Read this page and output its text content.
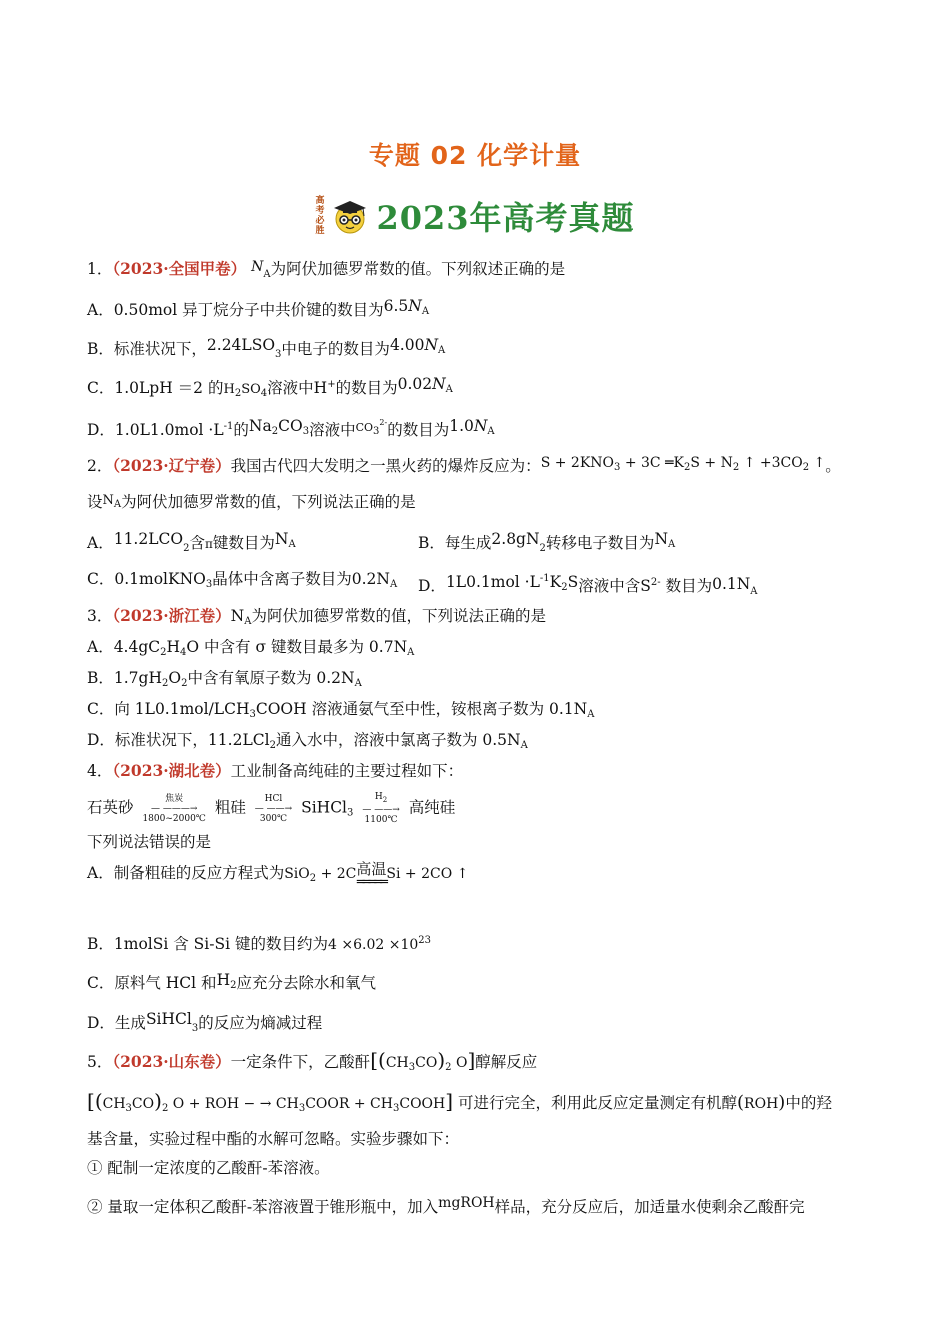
专题 02 化学计量
高
考
必
胜 2023年高考真题
1．（2023·全国甲卷） $N_A$为阿伏加德罗常数的值。下列叙述正确的是
A．0.50mol 异丁烷分子中共价键的数目为$6.5N_A$
B．标准状况下，$2.24LSO_3$中电子的数目为$4.00N_A$
C．1.0LpH ＝2 的$H_2SO_4$溶液中H+的数目为$0.02N_A$
D．$1.0L1.0mol \cdot L^{-1}$的$Na_2CO_3$溶液中$^{CO_3^{2-}}$的数目为$1.0N_A$
2．（2023·辽宁卷）我国古代四大发明之一黑火药的爆炸反应为：$S + 2KNO_3 + 3C$ $═K_2S + N_2$ ↑ $+3CO_2$ ↑。
设$N_A$为阿伏加德罗常数的值，下列说法正确的是
A．$11.2LCO_2$含π键数目为$N_A$	B．每生成$2.8gN_2$转移电子数目为$N_A$
C．0.1molKNO$_3$晶体中含离子数目为$0.2N_A$ D．$1L0.1mol \cdot L^{-1}K_2S$溶液中含$S^{2-}$ 数目为$0.1N_A$
3．（2023·浙江卷）$N_A$为阿伏加德罗常数的值，下列说法正确的是
A．$4.4gC_2H_4O$ 中含有 σ 键数目最多为 $0.7N_A$
B．$1.7gH_2O_2$中含有氧原子数为 $0.2N_A$
C．向 $1L0.1mol/LCH_3COOH$ 溶液通氨气至中性，铵根离子数为 $0.1N_A$
D．标准状况下，11.2LCl$_2$通入水中，溶液中氯离子数为 $0.5N_A$
4．（2023·湖北卷）工业制备高纯硅的主要过程如下：
石英砂	焦炭
— ———→
1800~2000℃
粗硅	HCl
— ——→
300℃
SiHCl$_3$
$H_2$
— ——→
1100℃
高纯硅
下列说法错误的是
A．制备粗硅的反应方程式为SiO$_2$ + 2C 高温
═════
Si + 2CO ↑
B．1molSi 含 Si-Si 键的数目约为$4 \times 6.02 \times 10^{23}$
C．原料气 HCl 和$H_2$应充分去除水和氧气
D．生成SiHCl$_3$的反应为熵减过程
5．（2023·山东卷）一定条件下，乙酸酐[$(CH_3CO)_2$ O]醇解反应
[$(CH_3CO)_2$ O + ROH − → $CH_3COOR$ + $CH_3COOH$] 可进行完全，利用此反应定量测定有机醇(ROH)中的羟
基含量，实验过程中酯的水解可忽略。实验步骤如下：
① 配制一定浓度的乙酸酐-苯溶液。
② 量取一定体积乙酸酐-苯溶液置于锥形瓶中，加入mgROH样品，充分反应后，加适量水使剩余乙酸酐完
